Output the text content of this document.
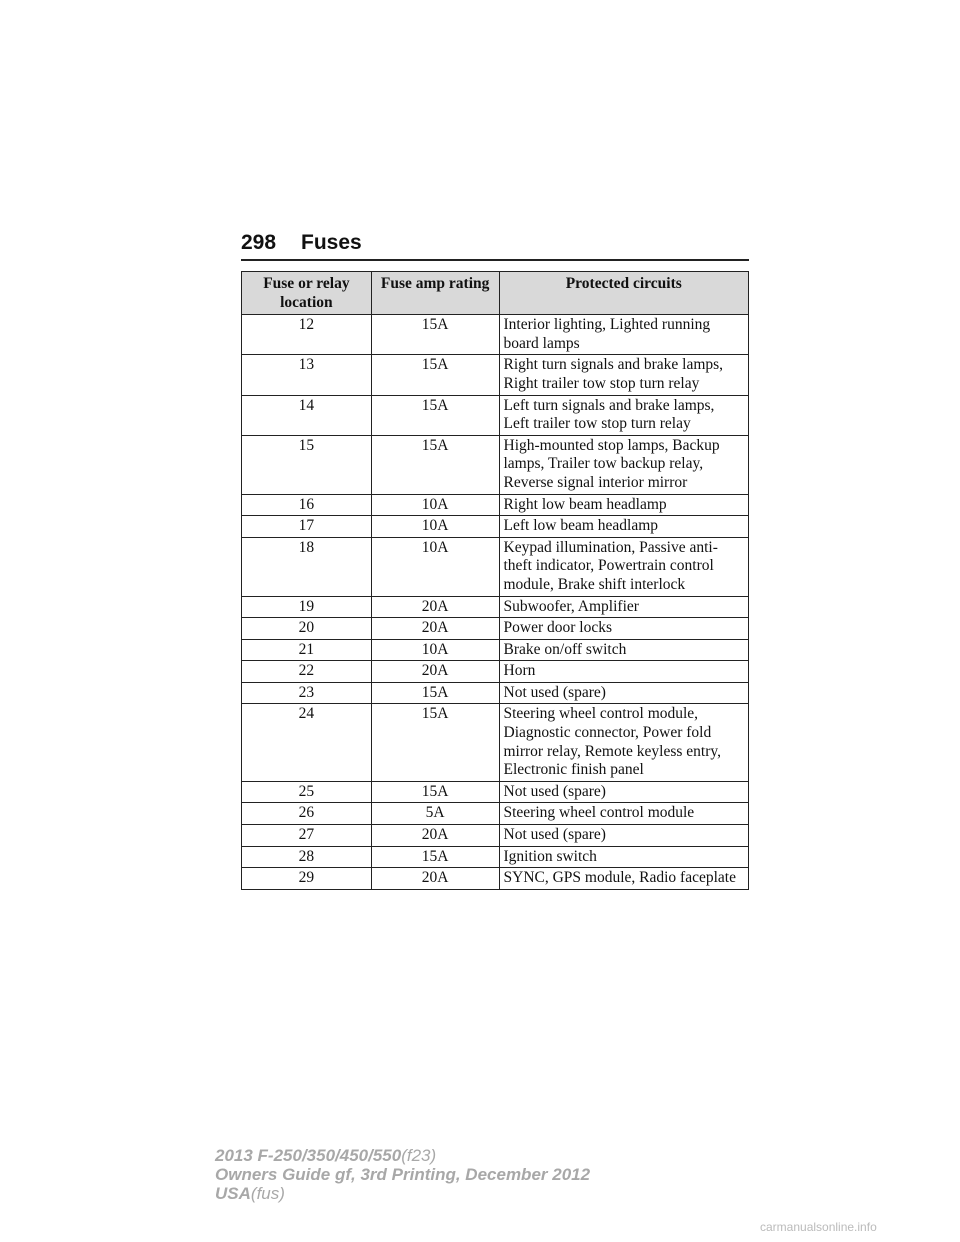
298 Fuses
Fuse or relay location	Fuse amp rating	Protected circuits
12	15A	Interior lighting, Lighted running board lamps
13	15A	Right turn signals and brake lamps, Right trailer tow stop turn relay
14	15A	Left turn signals and brake lamps, Left trailer tow stop turn relay
15	15A	High-mounted stop lamps, Backup lamps, Trailer tow backup relay, Reverse signal interior mirror
16	10A	Right low beam headlamp
17	10A	Left low beam headlamp
18	10A	Keypad illumination, Passive anti-theft indicator, Powertrain control module, Brake shift interlock
19	20A	Subwoofer, Amplifier
20	20A	Power door locks
21	10A	Brake on/off switch
22	20A	Horn
23	15A	Not used (spare)
24	15A	Steering wheel control module, Diagnostic connector, Power fold mirror relay, Remote keyless entry, Electronic finish panel
25	15A	Not used (spare)
26	5A	Steering wheel control module
27	20A	Not used (spare)
28	15A	Ignition switch
29	20A	SYNC, GPS module, Radio faceplate
2013 F-250/350/450/550(f23)
Owners Guide gf, 3rd Printing, December 2012
USA(fus)
carmanualsonline.info
